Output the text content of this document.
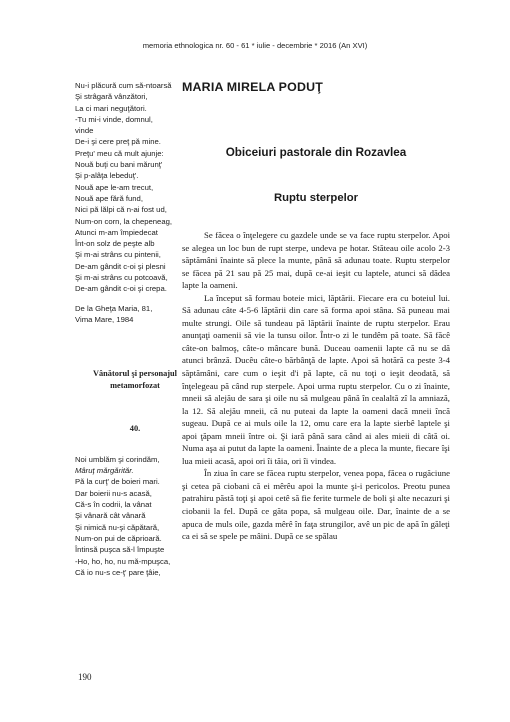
memoria ethnologica nr. 60 - 61 * iulie - decembrie * 2016 (An XVI)
Nu-i plăcură cum să-ntoarsă
Şi strâgară vânzători,
La ci mari neguţători.
-Tu mi-i vinde, domnul,
vinde
De-i şi cere preţ pă mine.
Preţu' meu că mult ajunje:
Nouă buţi cu bani mărunţ'
Şi p-alâţa lebeduţ'.
Nouă ape le-am trecut,
Nouă ape fără fund,
Nici pă lălpi că n-ai fost ud,
Num-on corn, la chepeneag,
Atunci m-am împiedecat
Înt-on solz de peşte alb
Şi m-ai strâns cu pintenii,
De-am gândit c-oi şi plesni
Şi m-ai strâns cu potcoavă,
De-am gândit c-oi şi crepa.
De la Gheţa Maria, 81,
Vima Mare, 1984
Vânătorul şi personajul metamorfozat
40.
Noi umblăm şi corindăm,
Mâruţ mărgărităr.
Pă la curţ' de boieri mari.
Dar boierii nu-s acasă,
Că-s în codrii, la vânat
Şi vânară cât vânară
Şi nimică nu-şi căpătară,
Num-on pui de căprioară.
Întinsă puşca să-l împuşte
-Ho, ho, ho, nu mă-mpuşca,
Că io nu-s ce-ţ' pare ţâie,
MARIA MIRELA PODUŢ
Obiceiuri pastorale din Rozavlea
Ruptu sterpelor

Se făcea o înţelegere cu gazdele unde se va face ruptu sterpelor. Apoi se alegea un loc bun de rupt sterpe, undeva pe hotar. Stăteau oile acolo 2-3 săptămâni înainte să plece la munte, până să adunau toate. Ruptu sterpelor se făcea pă 21 sau pă 25 mai, după ce-ai ieşit cu laptele, atunci să dădea lapte la oameni.

La început să formau boteie mici, lăptării. Fiecare era cu boteiul lui. Să adunau câte 4-5-6 lăptării din care să forma apoi stâna. Să puneau mai multe strungi. Oile să tundeau pă lăptării înainte de ruptu sterpelor. Erau anunţaţi oamenii să vie la tunsu oilor. Într-o zi le tundêm pă toate. Să făcê câte-on balmoş, câte-o mâncare bună. Duceau oamenii lapte că nu se dă atunci brânză. Ducêu câte-o bărbânţă de lapte. Apoi să hotără ca peste 3-4 săptămâni, care cum o ieşit d'i pă lapte, că nu toţi o ieşit deodată, să înţelegeau pă când rup sterpele. Apoi urma ruptu sterpelor. Cu o zi înainte, mneii să alejău de sara şi oile nu să mulgeau până în cealaltă zî la amniază, la 12. Să alejău mneii, că nu puteai da lapte la oameni dacă mneii încă sugeau. După ce ai muls oile la 12, omu care era la lapte sierbê laptele şi apoi ţăpam mneii între oi. Şi iară până sara când ai ales mieii di câtă oi. Numa aşa ai putut da lapte la oameni. Înainte de a pleca la munte, fiecare îşi lua mieii acasă, apoi ori îi tăia, ori îi vindea.

În ziua în care se făcea ruptu sterpelor, venea popa, făcea o rugăciune şi cetea pă ciobani că ei mêrêu apoi la munte şi-i pericolos. Preotu punea patrahiru păstă toţi şi apoi cetê să fie ferite turmele de boli şi alte necazuri şi ciobanii la fel. După ce găta popa, să mulgeau oile. Dar, înainte de a se apuca de muls oile, gazda mêrê în faţa strungilor, avê un pic de apă în găleţi ca ei să se spele pe mâini. După ce se spălau

190
